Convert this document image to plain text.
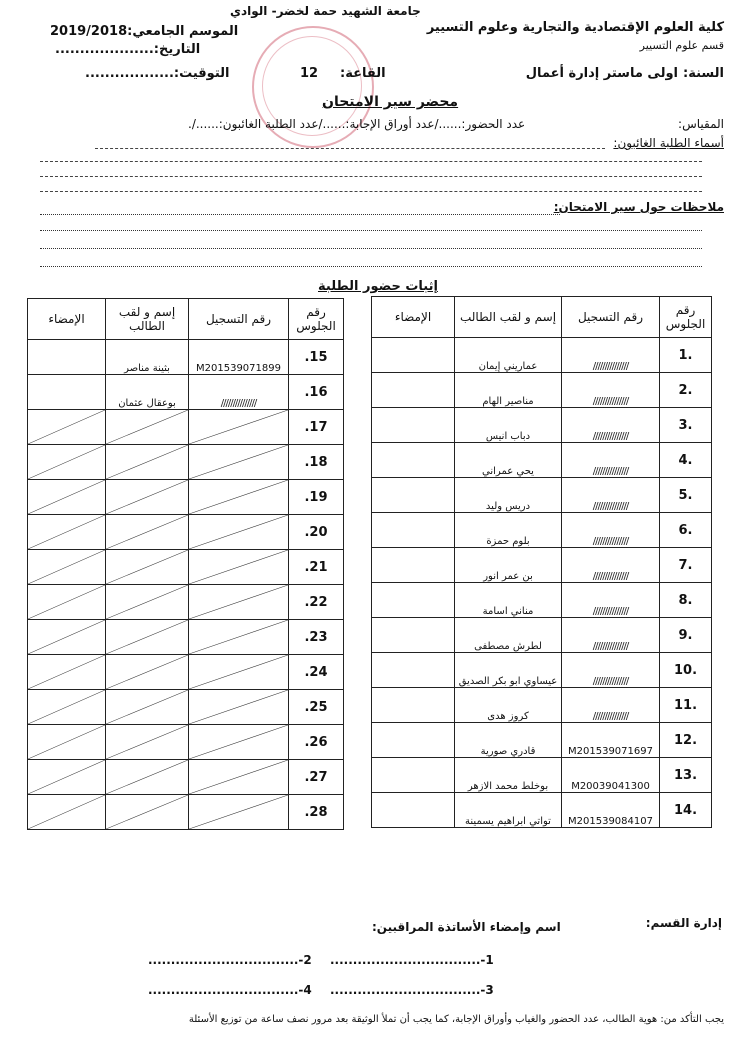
جامعة الشهيد حمة لخضر- الوادي
كلية العلوم الإقتصادية والتجارية وعلوم التسيير
قسم علوم التسيير
الموسم الجامعي:2019/2018
التاريخ:....................
التوقيت:..................	السنة:
اولى ماستر إدارة أعمال
القاعة:
12
محضر سير الامتحان
المقياس:
عدد الحضور:....../عدد أوراق الإجابة:....../عدد الطلبة الغائبون:....../.
أسماء الطلبة الغائبون:
ملاحظات حول سير الامتحان:
إثبات حضور الطلبة
رقم الجلوس	رقم التسجيل	إسم و لقب الطالب	الإمضاء
1.	///////////////	عماريني إيمان	
2.	///////////////	مناصير الهام	
3.	///////////////	دباب انيس	
4.	///////////////	يحي عمراني	
5.	///////////////	دريس وليد	
6.	///////////////	بلوم حمزة	
7.	///////////////	بن عمر انور	
8.	///////////////	مناني اسامة	
9.	///////////////	لطرش مصطفى	
10.	///////////////	عيساوي ابو بكر الصديق	
11.	///////////////	كروز هدى	
12.	M201539071697	قادري صورية	
13.	M20039041300	بوخلط محمد الازهر	
14.	M201539084107	تواتي ابراهيم يسمينة	
رقم الجلوس	رقم التسجيل	إسم و لقب الطالب	الإمضاء
.15	M201539071899	بثينة مناصر	
.16	///////////////	بوعقال عثمان	
.17	

.18	

.19	

.20	

.21	

.22	

.23	

.24	

.25	

.26	

.27	

.28	

إدارة القسم:
اسم وإمضاء الأساتذة المراقبين:
1-.................................
2-.................................
3-.................................
4-.................................
يجب التأكد من: هوية الطالب، عدد الحضور والغياب وأوراق الإجابة، كما يجب أن تملأ الوثيقة بعد مرور نصف ساعة من توزيع الأسئلة
